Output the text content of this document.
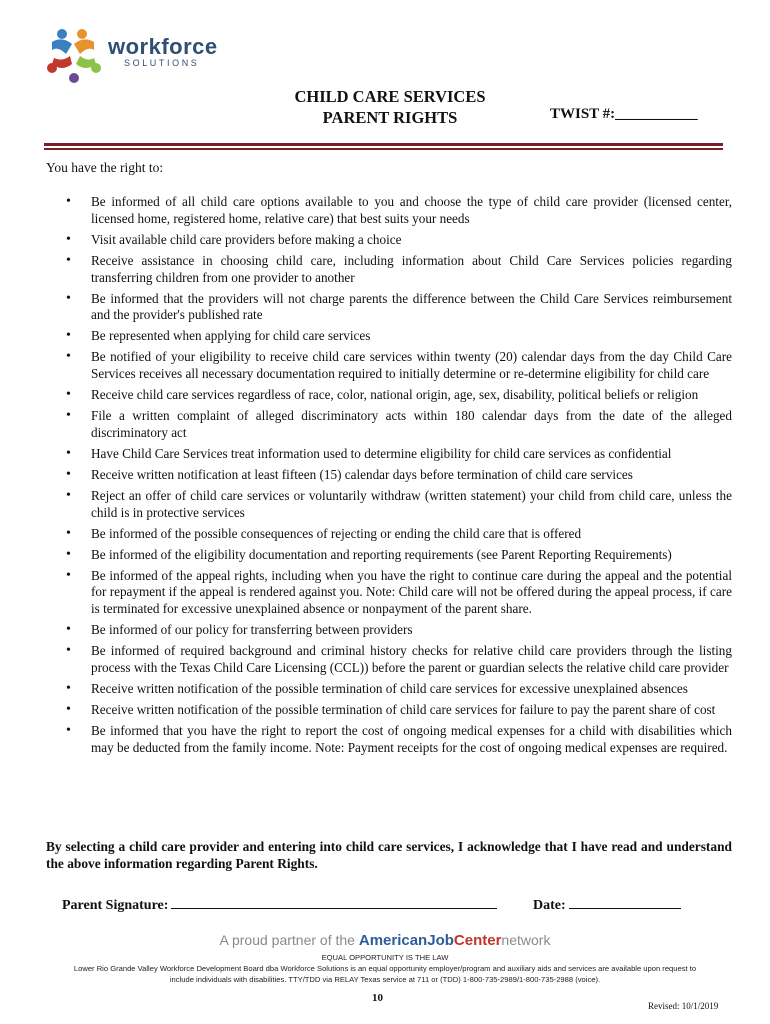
workforce
SOLUTIONS
CHILD CARE SERVICES
PARENT RIGHTS	TWIST #:___________
You have the right to:
• Be informed of all child care options available to you and choose the type of child care provider (licensed center, licensed home, registered home, relative care) that best suits your needs
• Visit available child care providers before making a choice
• Receive assistance in choosing child care, including information about Child Care Services policies regarding transferring children from one provider to another
• Be informed that the providers will not charge parents the difference between the Child Care Services reimbursement and the provider's published rate
• Be represented when applying for child care services
• Be notified of your eligibility to receive child care services within twenty (20) calendar days from the day Child Care Services receives all necessary documentation required to initially determine or re-determine eligibility for child care
• Receive child care services regardless of race, color, national origin, age, sex, disability, political beliefs or religion
• File a written complaint of alleged discriminatory acts within 180 calendar days from the date of the alleged discriminatory act
• Have Child Care Services treat information used to determine eligibility for child care services as confidential
• Receive written notification at least fifteen (15) calendar days before termination of child care services
• Reject an offer of child care services or voluntarily withdraw (written statement) your child from child care, unless the child is in protective services
• Be informed of the possible consequences of rejecting or ending the child care that is offered
• Be informed of the eligibility documentation and reporting requirements (see Parent Reporting Requirements)
• Be informed of the appeal rights, including when you have the right to continue care during the appeal and the potential for repayment if the appeal is rendered against you. Note: Child care will not be offered during the appeal process, if care is terminated for excessive unexplained absence or nonpayment of the parent share.
• Be informed of our policy for transferring between providers
• Be informed of required background and criminal history checks for relative child care providers through the listing process with the Texas Child Care Licensing (CCL)) before the parent or guardian selects the relative child care provider
• Receive written notification of the possible termination of child care services for excessive unexplained absences
• Receive written notification of the possible termination of child care services for failure to pay the parent share of cost
• Be informed that you have the right to report the cost of ongoing medical expenses for a child with disabilities which may be deducted from the family income. Note: Payment receipts for the cost of ongoing medical expenses are required.
By selecting a child care provider and entering into child care services, I acknowledge that I have read and understand the above information regarding Parent Rights.
Parent Signature:	Date:
A proud partner of the AmericanJobCenternetwork
EQUAL OPPORTUNITY IS THE LAW
Lower Rio Grande Valley Workforce Development Board dba Workforce Solutions is an equal opportunity employer/program and auxiliary aids and services are available upon request to
include individuals with disabilities. TTY/TDD via RELAY Texas service at 711 or (TDD) 1-800-735-2989/1-800-735-2988 (voice).
10
Revised: 10/1/2019
